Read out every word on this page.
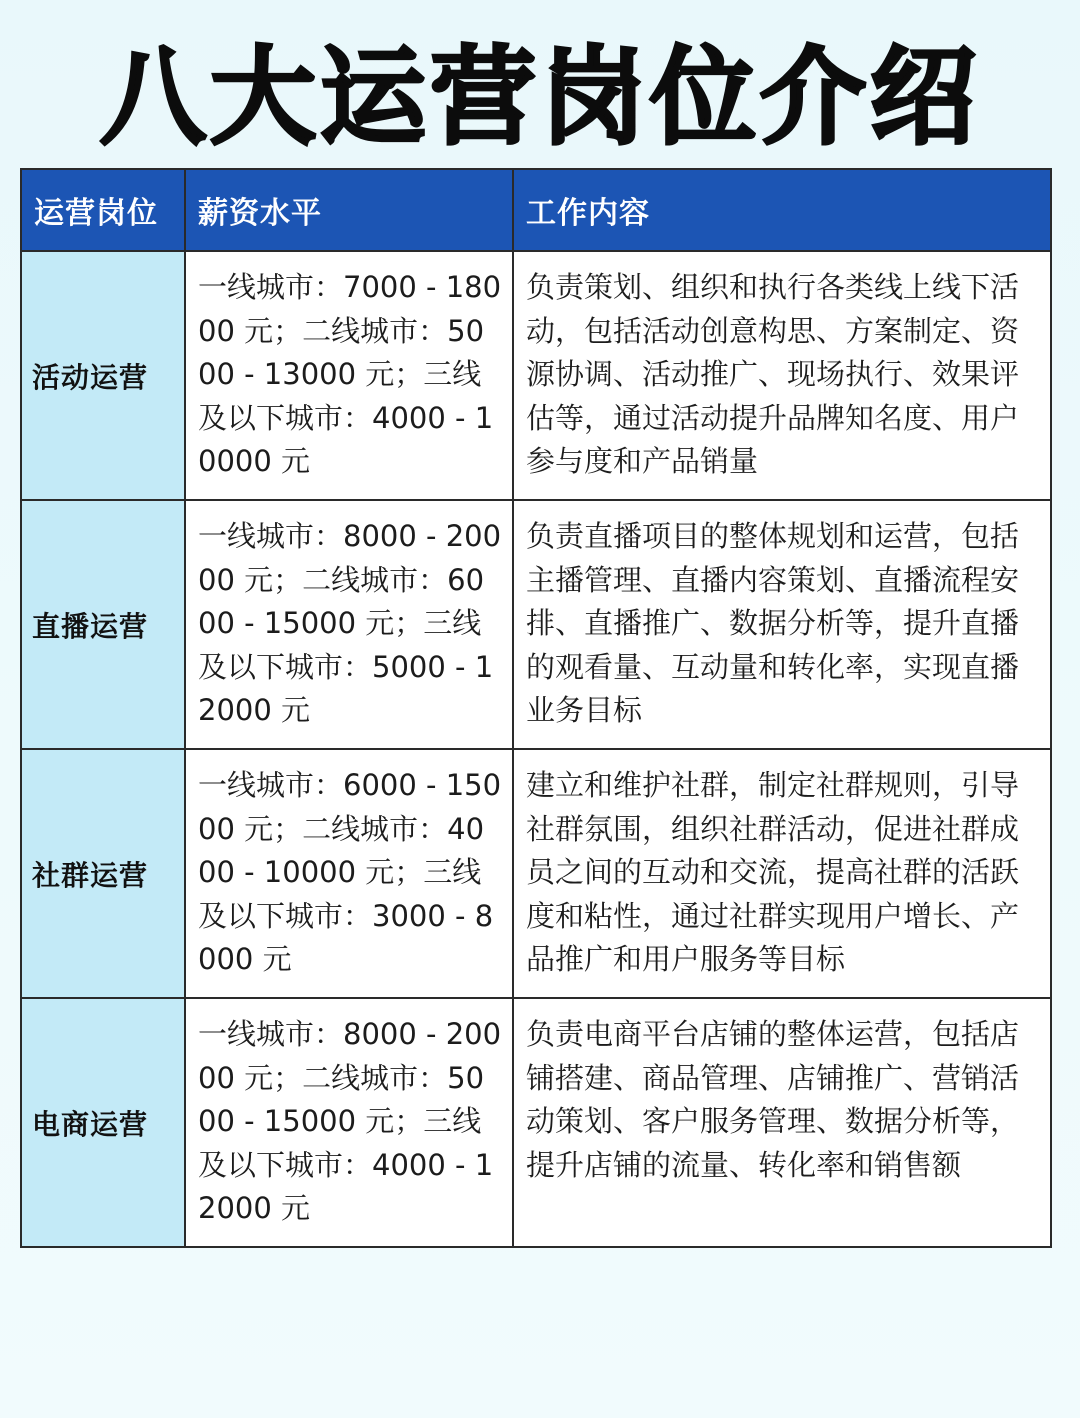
八大运营岗位介绍
运营岗位	薪资水平	工作内容
活动运营	一线城市：7000 - 18000 元；二线城市：5000 - 13000 元；三线及以下城市：4000 - 10000 元	负责策划、组织和执行各类线上线下活动，包括活动创意构思、方案制定、资源协调、活动推广、现场执行、效果评估等，通过活动提升品牌知名度、用户参与度和产品销量
直播运营	一线城市：8000 - 20000 元；二线城市：6000 - 15000 元；三线及以下城市：5000 - 12000 元	负责直播项目的整体规划和运营，包括主播管理、直播内容策划、直播流程安排、直播推广、数据分析等，提升直播的观看量、互动量和转化率，实现直播业务目标
社群运营	一线城市：6000 - 15000 元；二线城市：4000 - 10000 元；三线及以下城市：3000 - 8000 元	建立和维护社群，制定社群规则，引导社群氛围，组织社群活动，促进社群成员之间的互动和交流，提高社群的活跃度和粘性，通过社群实现用户增长、产品推广和用户服务等目标
电商运营	一线城市：8000 - 20000 元；二线城市：5000 - 15000 元；三线及以下城市：4000 - 12000 元	负责电商平台店铺的整体运营，包括店铺搭建、商品管理、店铺推广、营销活动策划、客户服务管理、数据分析等，提升店铺的流量、转化率和销售额
